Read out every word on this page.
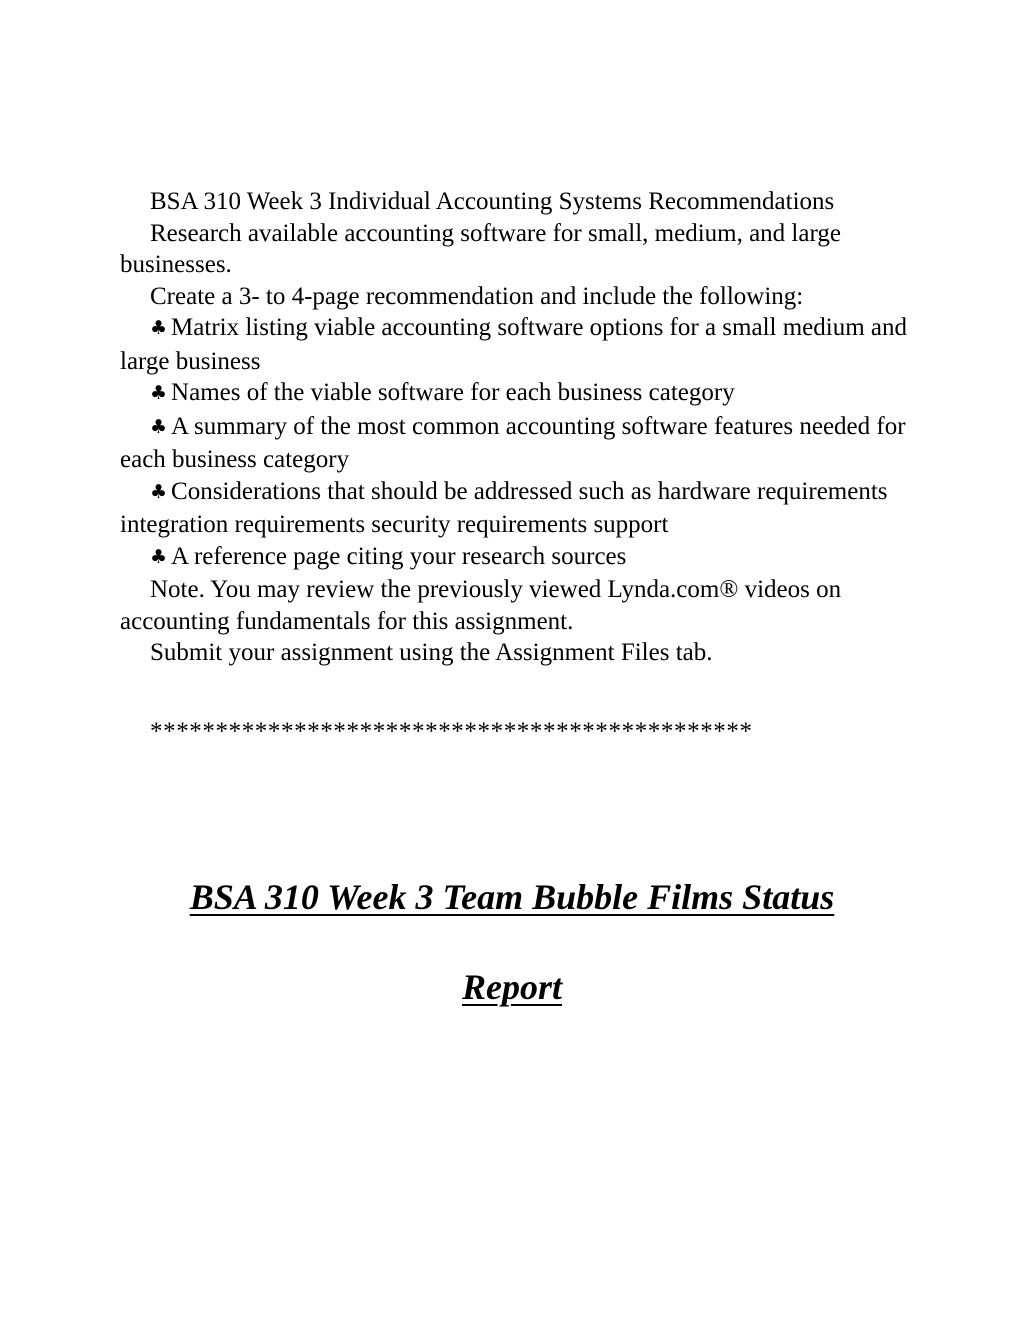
BSA 310 Week 3 Individual Accounting Systems Recommendations

Research available accounting software for small, medium, and large businesses.

Create a 3- to 4-page recommendation and include the following:

♣ Matrix listing viable accounting software options for a small medium and large business

♣ Names of the viable software for each business category

♣ A summary of the most common accounting software features needed for each business category

♣ Considerations that should be addressed such as hardware requirements integration requirements security requirements support

♣ A reference page citing your research sources

Note. You may review the previously viewed Lynda.com® videos on accounting fundamentals for this assignment.

Submit your assignment using the Assignment Files tab.

**********************************************
BSA 310 Week 3 Team Bubble Films Status
Report
